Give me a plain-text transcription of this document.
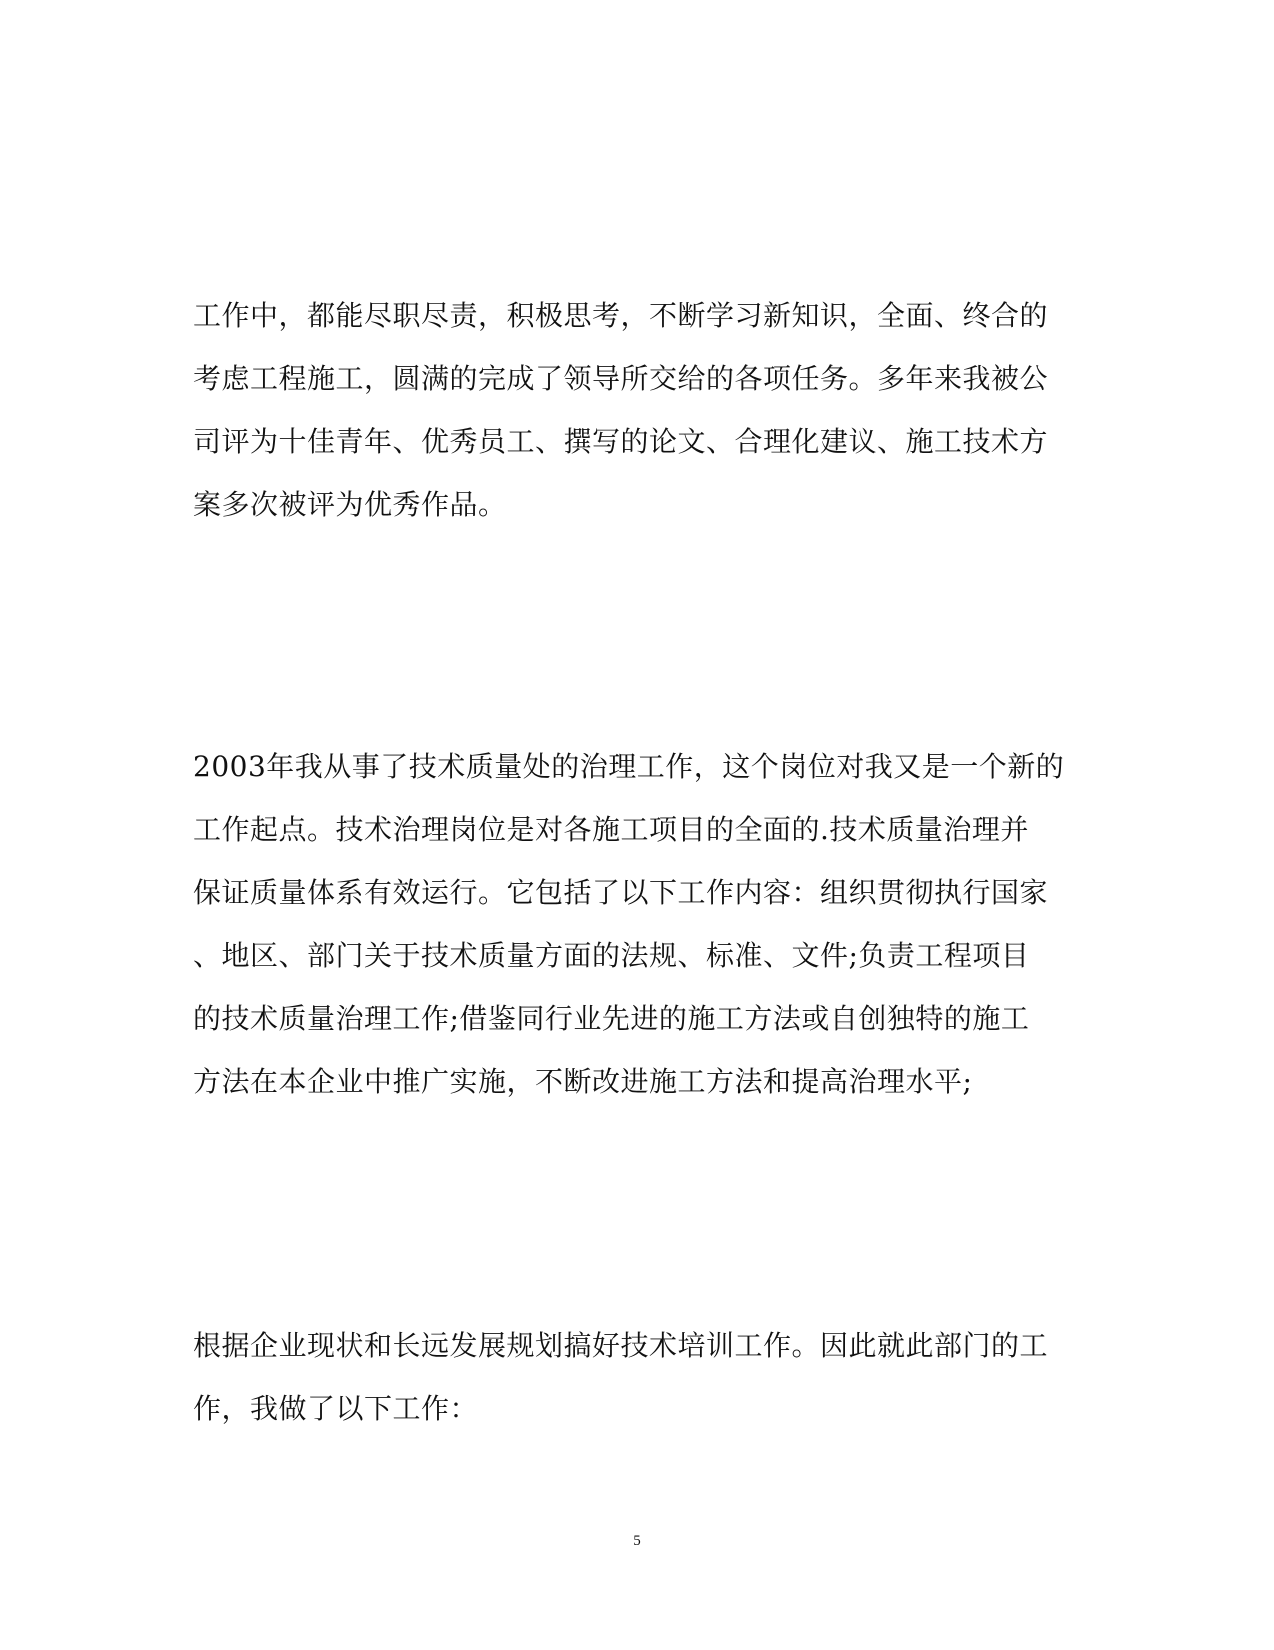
工作中，都能尽职尽责，积极思考，不断学习新知识，全面、终合的
考虑工程施工，圆满的完成了领导所交给的各项任务。多年来我被公
司评为十佳青年、优秀员工、撰写的论文、合理化建议、施工技术方
案多次被评为优秀作品。
2003年我从事了技术质量处的治理工作，这个岗位对我又是一个新的
工作起点。技术治理岗位是对各施工项目的全面的.技术质量治理并
保证质量体系有效运行。它包括了以下工作内容：组织贯彻执行国家
、地区、部门关于技术质量方面的法规、标准、文件;负责工程项目
的技术质量治理工作;借鉴同行业先进的施工方法或自创独特的施工
方法在本企业中推广实施，不断改进施工方法和提高治理水平;
根据企业现状和长远发展规划搞好技术培训工作。因此就此部门的工
作，我做了以下工作：
5
